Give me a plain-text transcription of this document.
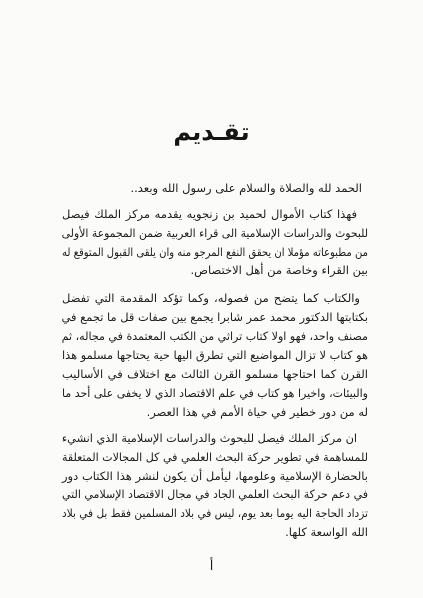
تقـديم
الحمد لله والصلاة والسلام على رسول الله وبعد..
فهذا كتاب الأموال لحميد بن زنجويه يقدمه مركز الملك فيصل
للبحوث والدراسات الإسلامية الى قراء العربية ضمن المجموعة الأولى
من مطبوعاته مؤملا ان يحقق النفع المرجو منه وان يلقى القبول المتوقع له
بين القراء وخاصة من أهل الاختصاص.
والكتاب كما يتضح من فصوله، وكما تؤكد المقدمة التي تفضل
بكتابتها الدكتور محمد عمر شابرا يجمع بين صفات قل ما تجمع في
مصنف واحد، فهو اولا كتاب تراثي من الكتب المعتمدة في مجاله، ثم
هو كتاب لا تزال المواضيع التي تطرق اليها حية يحتاجها مسلمو هذا
القرن كما احتاجها مسلمو القرن الثالث مع اختلاف في الأساليب
والبيئات، واخيرا هو كتاب في علم الاقتصاد الذي لا يخفى على أحد ما
له من دور خطير في حياة الأمم في هذا العصر.
ان مركز الملك فيصل للبحوث والدراسات الإسلامية الذي انشيء
للمساهمة في تطوير حركة البحث العلمي في كل المجالات المتعلقة
بالحضارة الإسلامية وعلومها، ليأمل أن يكون لنشر هذا الكتاب دور
في دعم حركة البحث العلمي الجاد في مجال الاقتصاد الإسلامي التي
تزداد الحاجة اليه يوما بعد يوم، ليس في بلاد المسلمين فقط بل في بلاد
الله الواسعة كلها.
أ
